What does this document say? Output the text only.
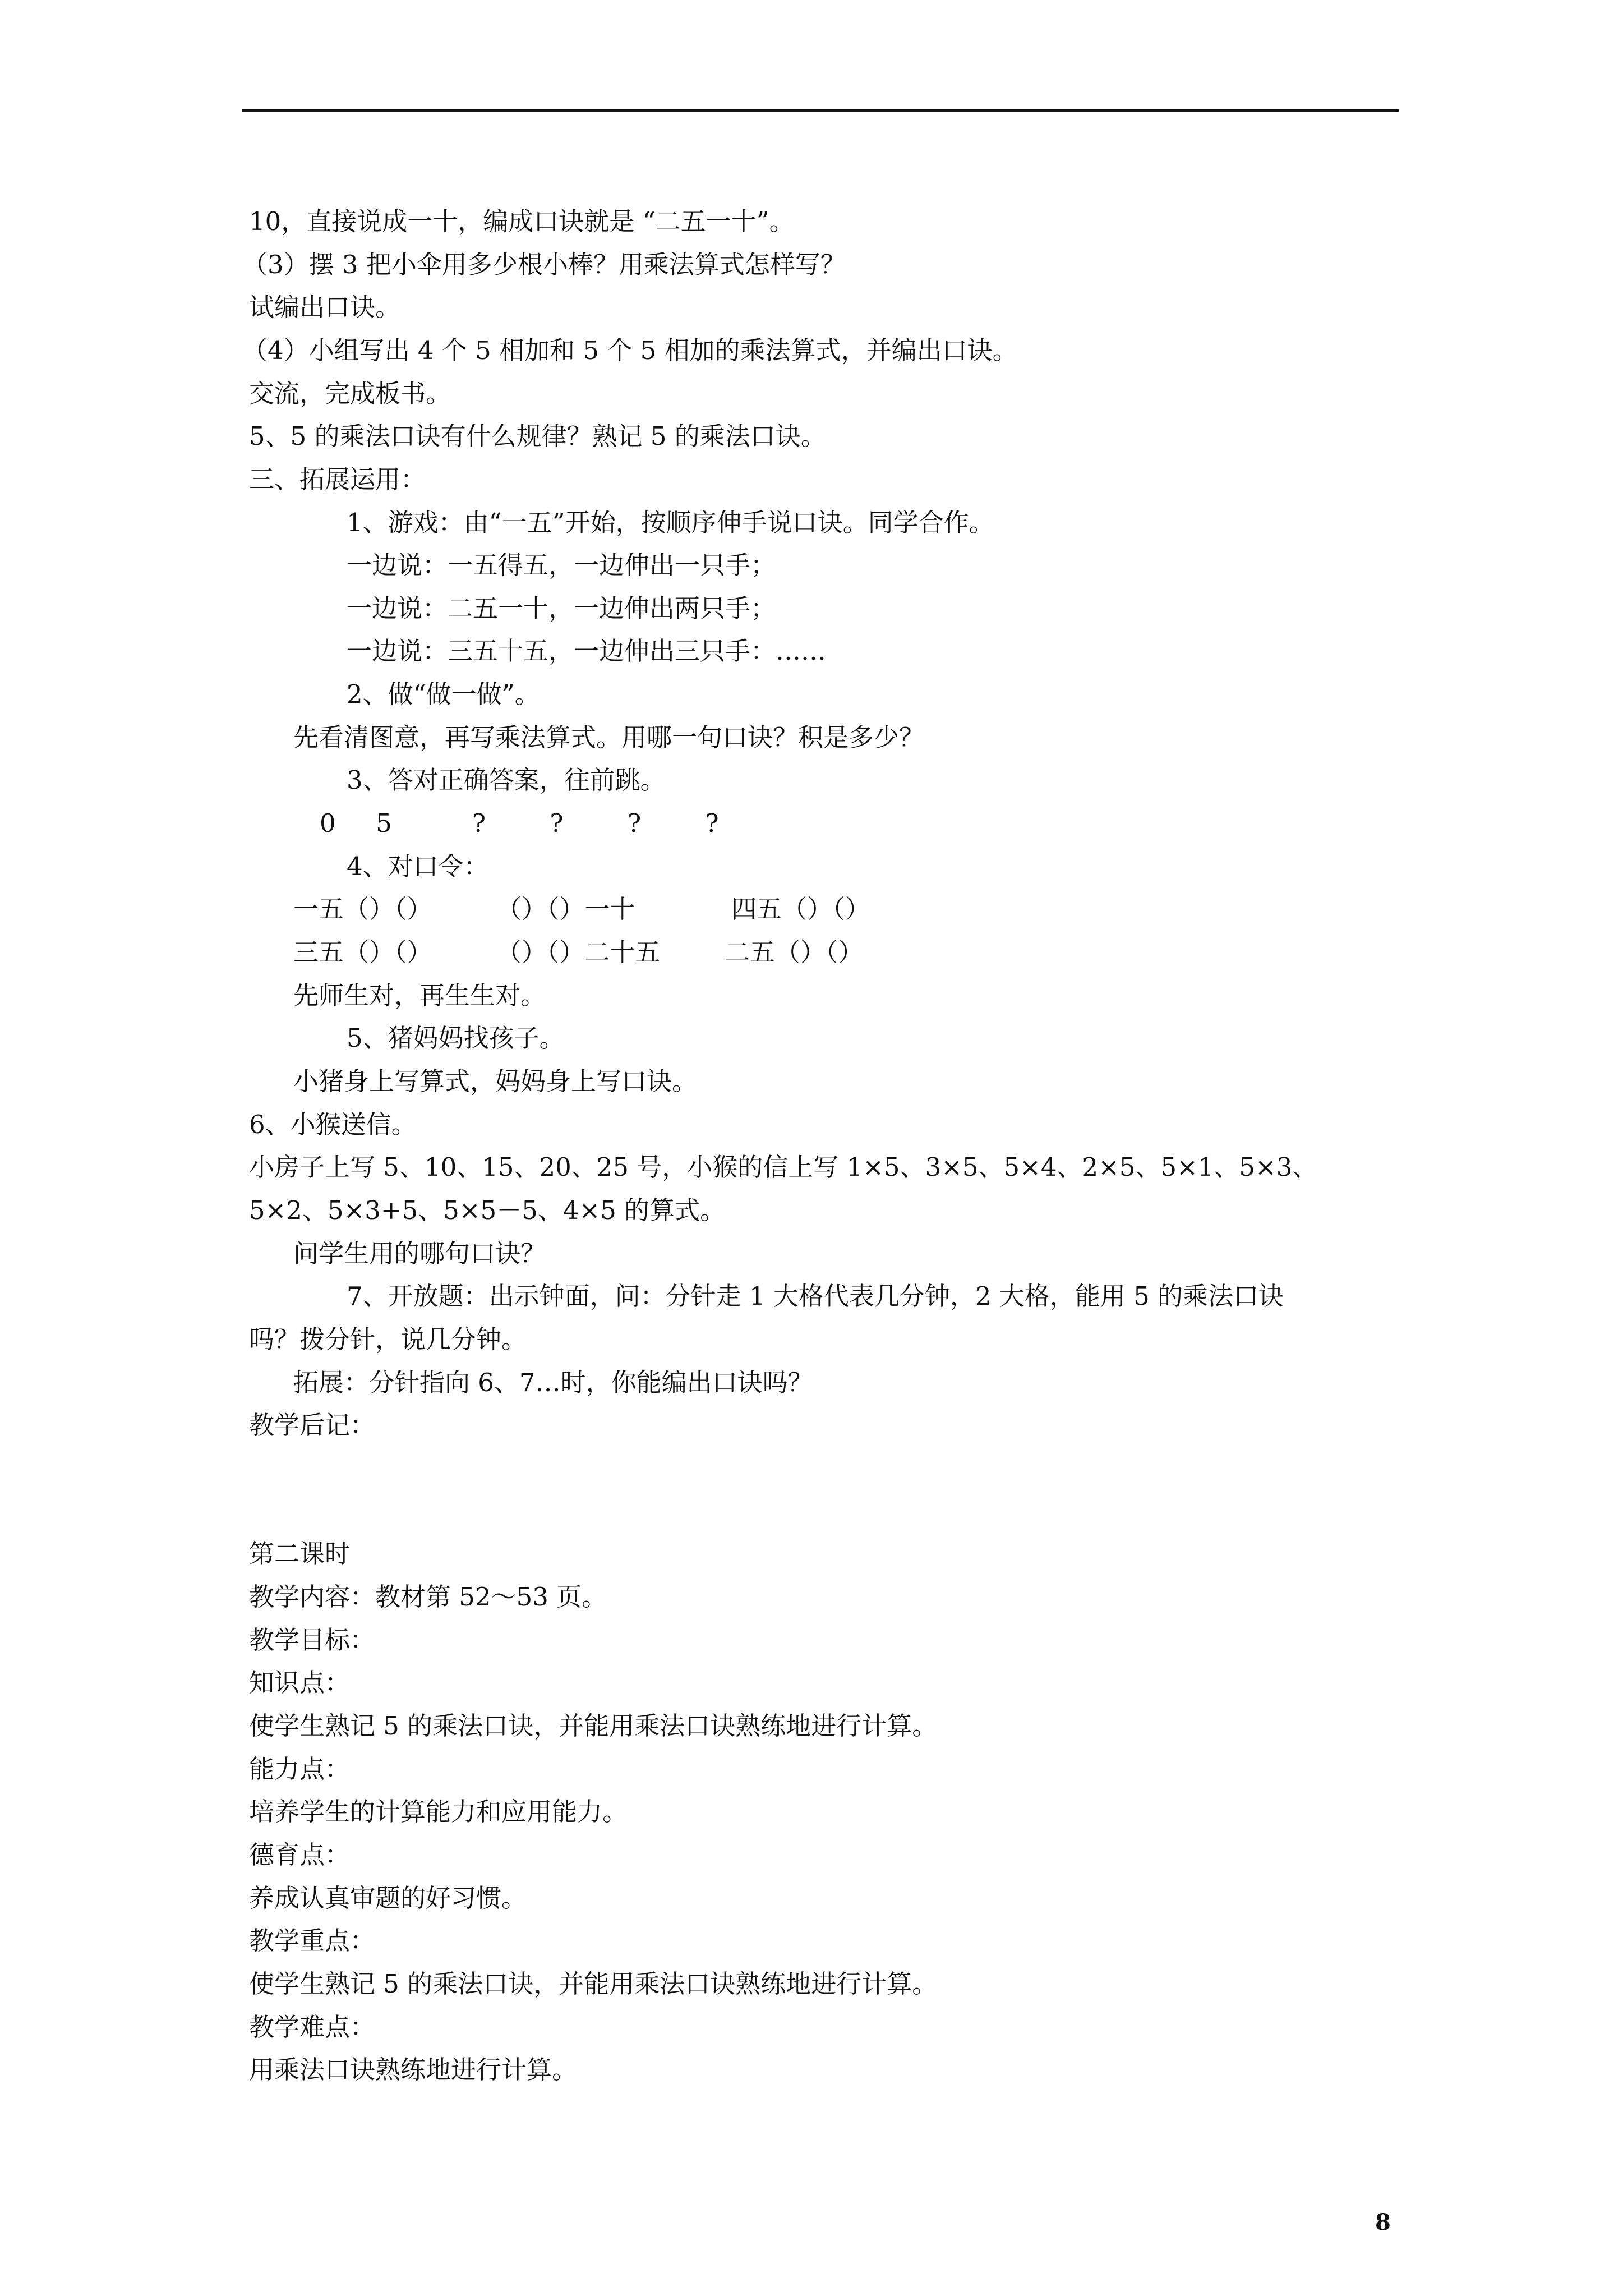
10，直接说成一十，编成口诀就是 “二五一十”。
（3）摆 3 把小伞用多少根小棒？用乘法算式怎样写？
试编出口诀。
（4）小组写出 4 个 5 相加和 5 个 5 相加的乘法算式，并编出口诀。
交流，完成板书。
5、5 的乘法口诀有什么规律？熟记 5 的乘法口诀。
三、拓展运用：
1、游戏：由“一五”开始，按顺序伸手说口诀。同学合作。
一边说：一五得五，一边伸出一只手；
一边说：二五一十，一边伸出两只手；
一边说：三五十五，一边伸出三只手：……
2、做“做一做”。
先看清图意，再写乘法算式。用哪一句口诀？积是多少？
3、答对正确答案，往前跳。
0     5          ?        ?        ?        ?
4、对口令：
一五（）（）        （）（）一十            四五（）（）
三五（）（）        （）（）二十五        二五（）（）
先师生对，再生生对。
5、猪妈妈找孩子。
小猪身上写算式，妈妈身上写口诀。
6、小猴送信。
小房子上写 5、10、15、20、25 号，小猴的信上写 1×5、3×5、5×4、2×5、5×1、5×3、
5×2、5×3+5、5×5－5、4×5 的算式。
问学生用的哪句口诀？
7、开放题：出示钟面，问：分针走 1 大格代表几分钟，2 大格，能用 5 的乘法口诀
吗？拨分针，说几分钟。
拓展：分针指向 6、7…时，你能编出口诀吗？
教学后记：
第二课时
教学内容：教材第 52～53 页。
教学目标：
知识点：
使学生熟记 5 的乘法口诀，并能用乘法口诀熟练地进行计算。
能力点：
培养学生的计算能力和应用能力。
德育点：
养成认真审题的好习惯。
教学重点：
使学生熟记 5 的乘法口诀，并能用乘法口诀熟练地进行计算。
教学难点：
用乘法口诀熟练地进行计算。
8
